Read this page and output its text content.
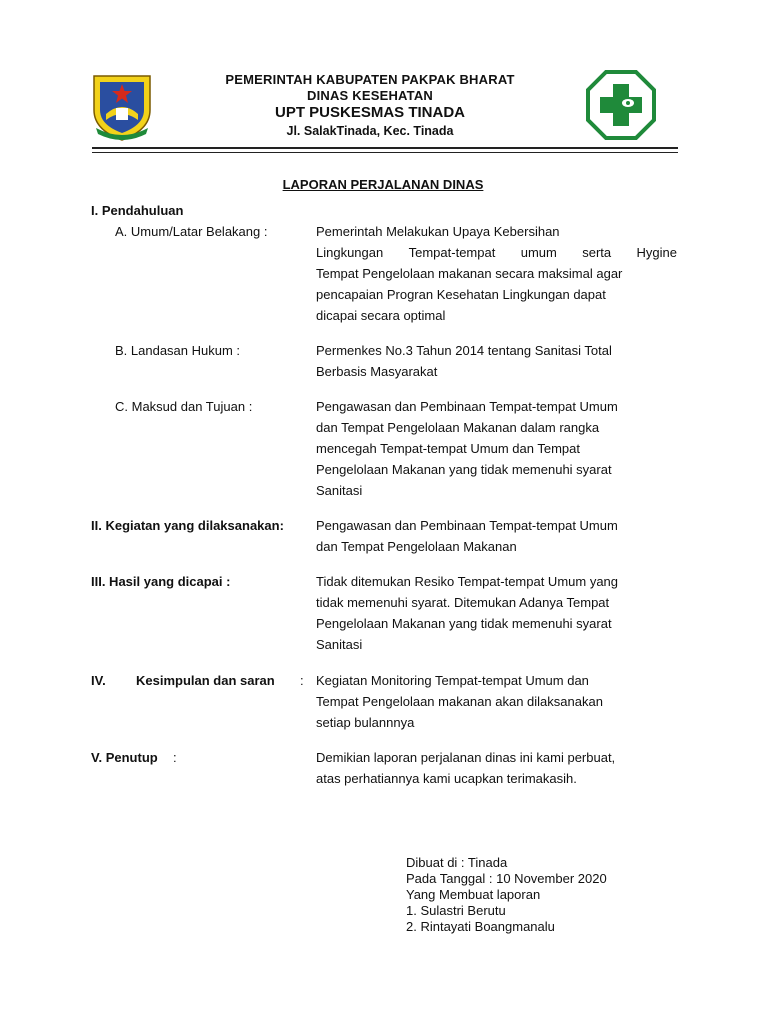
PEMERINTAH KABUPATEN PAKPAK BHARAT
DINAS KESEHATAN
UPT PUSKESMAS TINADA
Jl. SalakTinada, Kec. Tinada
LAPORAN PERJALANAN DINAS
I. Pendahuluan
A. Umum/Latar Belakang :	Pemerintah Melakukan Upaya Kebersihan
Lingkungan Tempat-tempat umum serta Hygine
Tempat Pengelolaan makanan secara maksimal agar
pencapaian Progran Kesehatan Lingkungan dapat
dicapai secara optimal
B. Landasan Hukum :	Permenkes No.3 Tahun 2014 tentang Sanitasi Total
Berbasis Masyarakat
C. Maksud dan Tujuan :	Pengawasan dan Pembinaan Tempat-tempat Umum
dan Tempat Pengelolaan Makanan dalam rangka
mencegah Tempat-tempat Umum dan Tempat
Pengelolaan Makanan yang tidak memenuhi syarat
Sanitasi
II. Kegiatan yang dilaksanakan: Pengawasan dan Pembinaan Tempat-tempat Umum
dan Tempat Pengelolaan Makanan
III. Hasil yang dicapai :	Tidak ditemukan Resiko Tempat-tempat Umum yang
tidak memenuhi syarat. Ditemukan Adanya Tempat
Pengelolaan Makanan yang tidak memenuhi syarat
Sanitasi
IV. Kesimpulan dan saran : Kegiatan Monitoring Tempat-tempat Umum dan
Tempat Pengelolaan makanan akan dilaksanakan
setiap bulannnya
V. Penutup :	Demikian laporan perjalanan dinas ini kami perbuat,
atas perhatiannya kami ucapkan terimakasih.
Dibuat di : Tinada
Pada Tanggal : 10 November 2020
Yang Membuat laporan
1. Sulastri Berutu
2. Rintayati Boangmanalu
